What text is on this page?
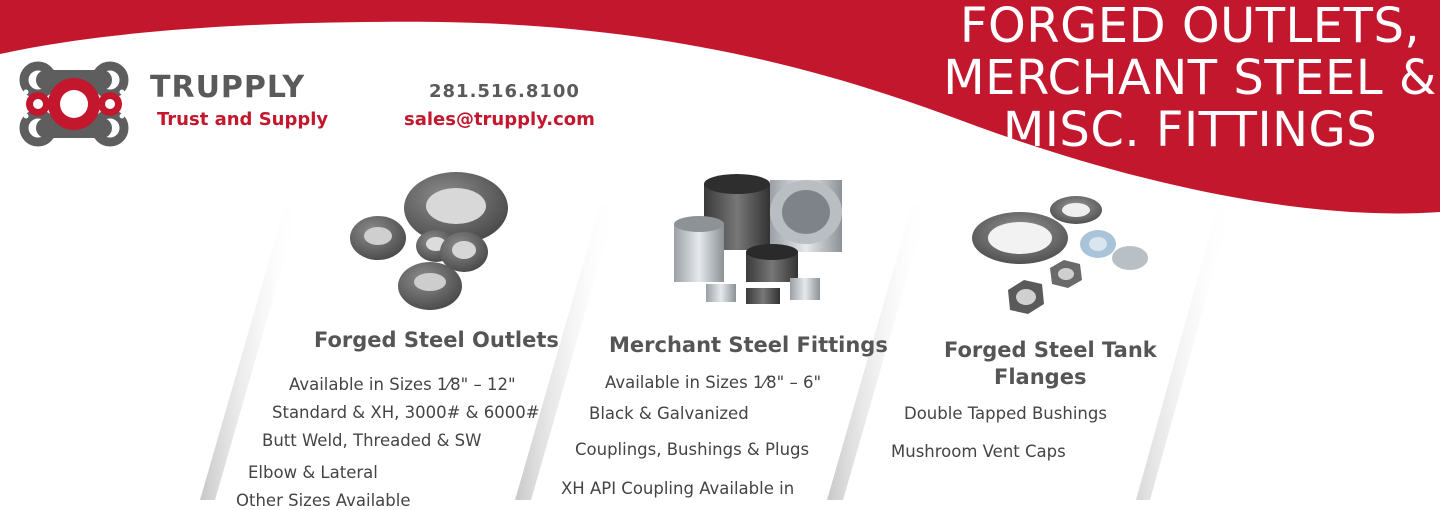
TRUPPLY
Trust and Supply
281.516.8100
sales@trupply.com
FORGED OUTLETS,
MERCHANT STEEL &
MISC. FITTINGS
Forged Steel Outlets
Available in Sizes 1⁄8" – 12"
Standard & XH, 3000# & 6000#
Butt Weld, Threaded & SW
Elbow & Lateral
Other Sizes Available
Merchant Steel Fittings
Available in Sizes 1⁄8" – 6"
Black & Galvanized
Couplings, Bushings & Plugs
XH API Coupling Available in
Forged Steel Tank
Flanges
Double Tapped Bushings
Mushroom Vent Caps
